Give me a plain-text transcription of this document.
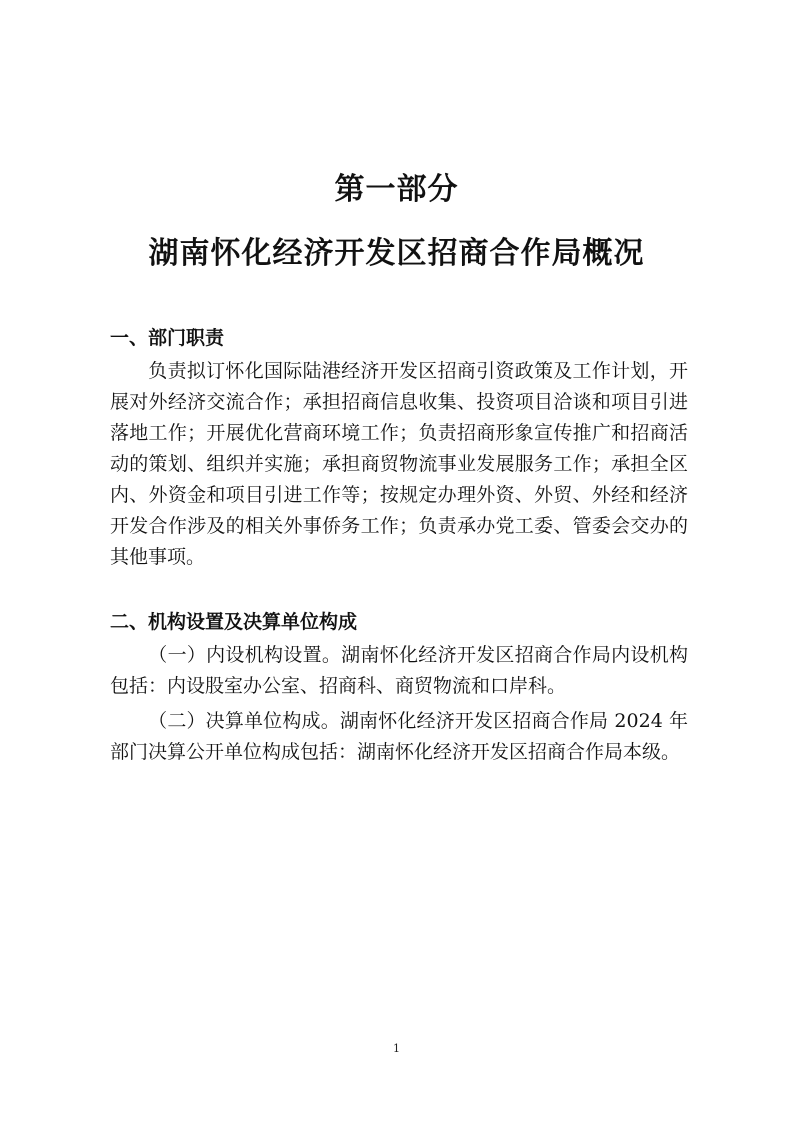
第一部分
湖南怀化经济开发区招商合作局概况
一、部门职责
负责拟订怀化国际陆港经济开发区招商引资政策及工作计划，开展对外经济交流合作；承担招商信息收集、投资项目洽谈和项目引进落地工作；开展优化营商环境工作；负责招商形象宣传推广和招商活动的策划、组织并实施；承担商贸物流事业发展服务工作；承担全区内、外资金和项目引进工作等；按规定办理外资、外贸、外经和经济开发合作涉及的相关外事侨务工作；负责承办党工委、管委会交办的其他事项。
二、机构设置及决算单位构成
（一）内设机构设置。湖南怀化经济开发区招商合作局内设机构包括：内设股室办公室、招商科、商贸物流和口岸科。
（二）决算单位构成。湖南怀化经济开发区招商合作局 2024 年部门决算公开单位构成包括：湖南怀化经济开发区招商合作局本级。
1
